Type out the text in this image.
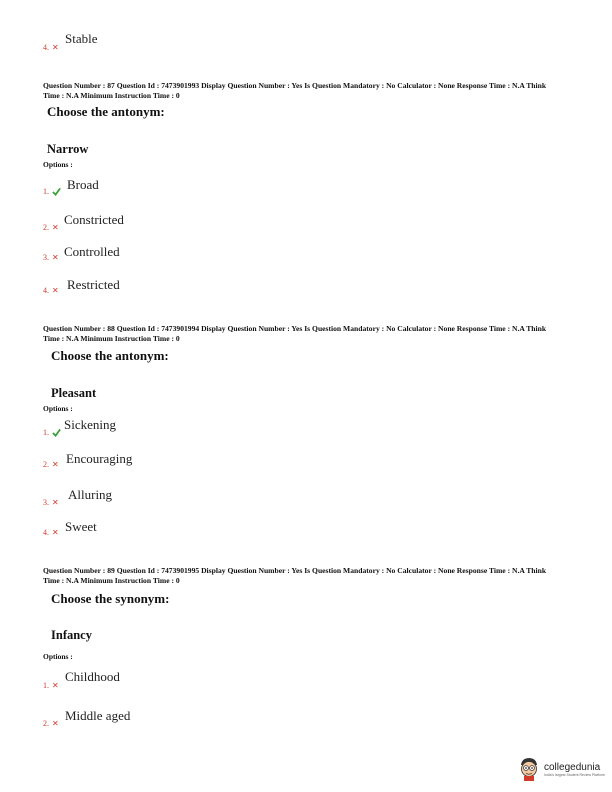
Stable
4. ✕
Question Number : 87 Question Id : 7473901993 Display Question Number : Yes Is Question Mandatory : No Calculator : None Response Time : N.A Think Time : N.A Minimum Instruction Time : 0
Choose the antonym:
Narrow
Options :
Broad
1.
Constricted
2. ✕
Controlled
3. ✕
Restricted
4. ✕
Question Number : 88 Question Id : 7473901994 Display Question Number : Yes Is Question Mandatory : No Calculator : None Response Time : N.A Think Time : N.A Minimum Instruction Time : 0
Choose the antonym:
Pleasant
Options :
Sickening
1.
Encouraging
2. ✕
Alluring
3. ✕
Sweet
4. ✕
Question Number : 89 Question Id : 7473901995 Display Question Number : Yes Is Question Mandatory : No Calculator : None Response Time : N.A Think Time : N.A Minimum Instruction Time : 0
Choose the synonym:
Infancy
Options :
Childhood
1. ✕
Middle aged
2. ✕
collegedunia
India's largest Student Review Platform
